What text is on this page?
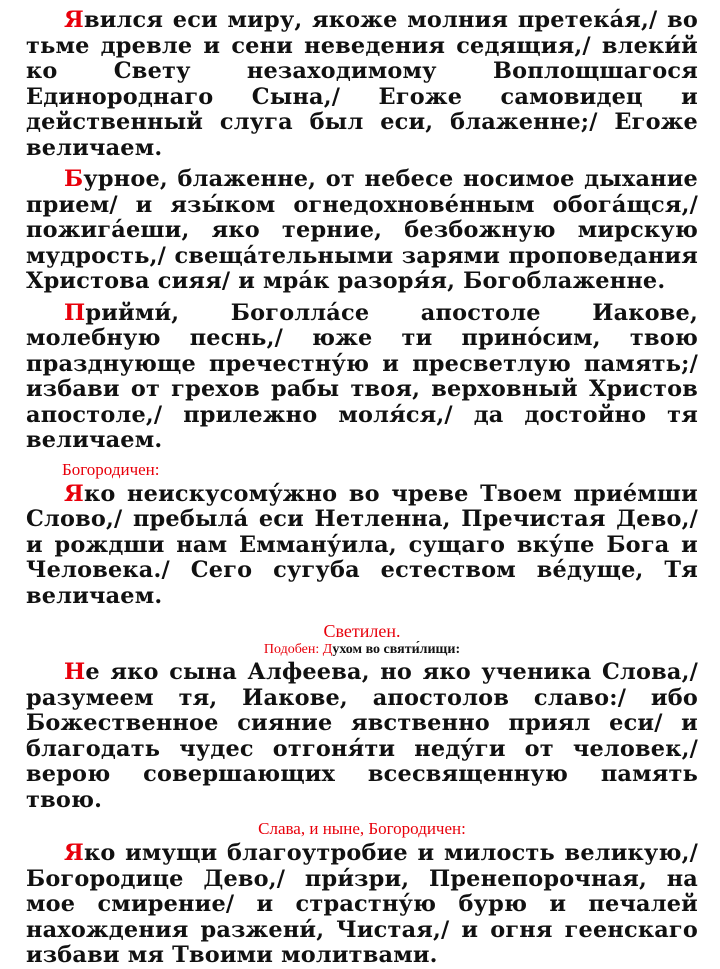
Явился еси миру, якоже молния претека́я,/ во тьме древле и сени неведения седящия,/ влеки́й ко Свету незаходимому Воплощшагося Единороднаго Сына,/ Егоже самовидец и действенный слуга был еси, блаженне;/ Егоже величаем.

Бурное, блаженне, от небесе носимое дыхание прием/ и язы́ком огнедохнове́нным обога́щся,/ пожига́еши, яко терние, безбожную мирскую мудрость,/ свеща́тельными зарями проповедания Христова сияя/ и мра́к разоря́я, Богоблаженне.

Прийми́, Боголла́се апостоле Иакове, молебную песнь,/ юже ти прино́сим, твою празднующе пречестну́ю и пресветлую память;/ избави от грехов рабы твоя, верховный Христов апостоле,/ прилежно моля́ся,/ да достойно тя величаем.

Богородичен:

Яко неискусому́жно во чреве Твоем прие́мши Слово,/ пребыла́ еси Нетленна, Пречистая Дево,/ и рождши нам Емману́ила, сущаго вку́пе Бога и Человека./ Сего сугуба естеством ве́дуще, Тя величаем.

Светилен.
Подобен: Духом во святи́лищи:

Не яко сына Алфеева, но яко ученика Слова,/ разумеем тя, Иакове, апостолов славо:/ ибо Божественное сияние явственно приял еси/ и благодать чудес отгоня́ти неду́ги от человек,/ верою совершающих всесвященную память твою.

Слава, и ныне, Богородичен:

Яко имущи благоутробие и милость великую,/ Богородице Дево,/ при́зри, Пренепорочная, на мое смирение/ и страстну́ю бурю и печалей нахождения разжени́, Чистая,/ и огня геенскаго избави мя Твоими молитвами.
